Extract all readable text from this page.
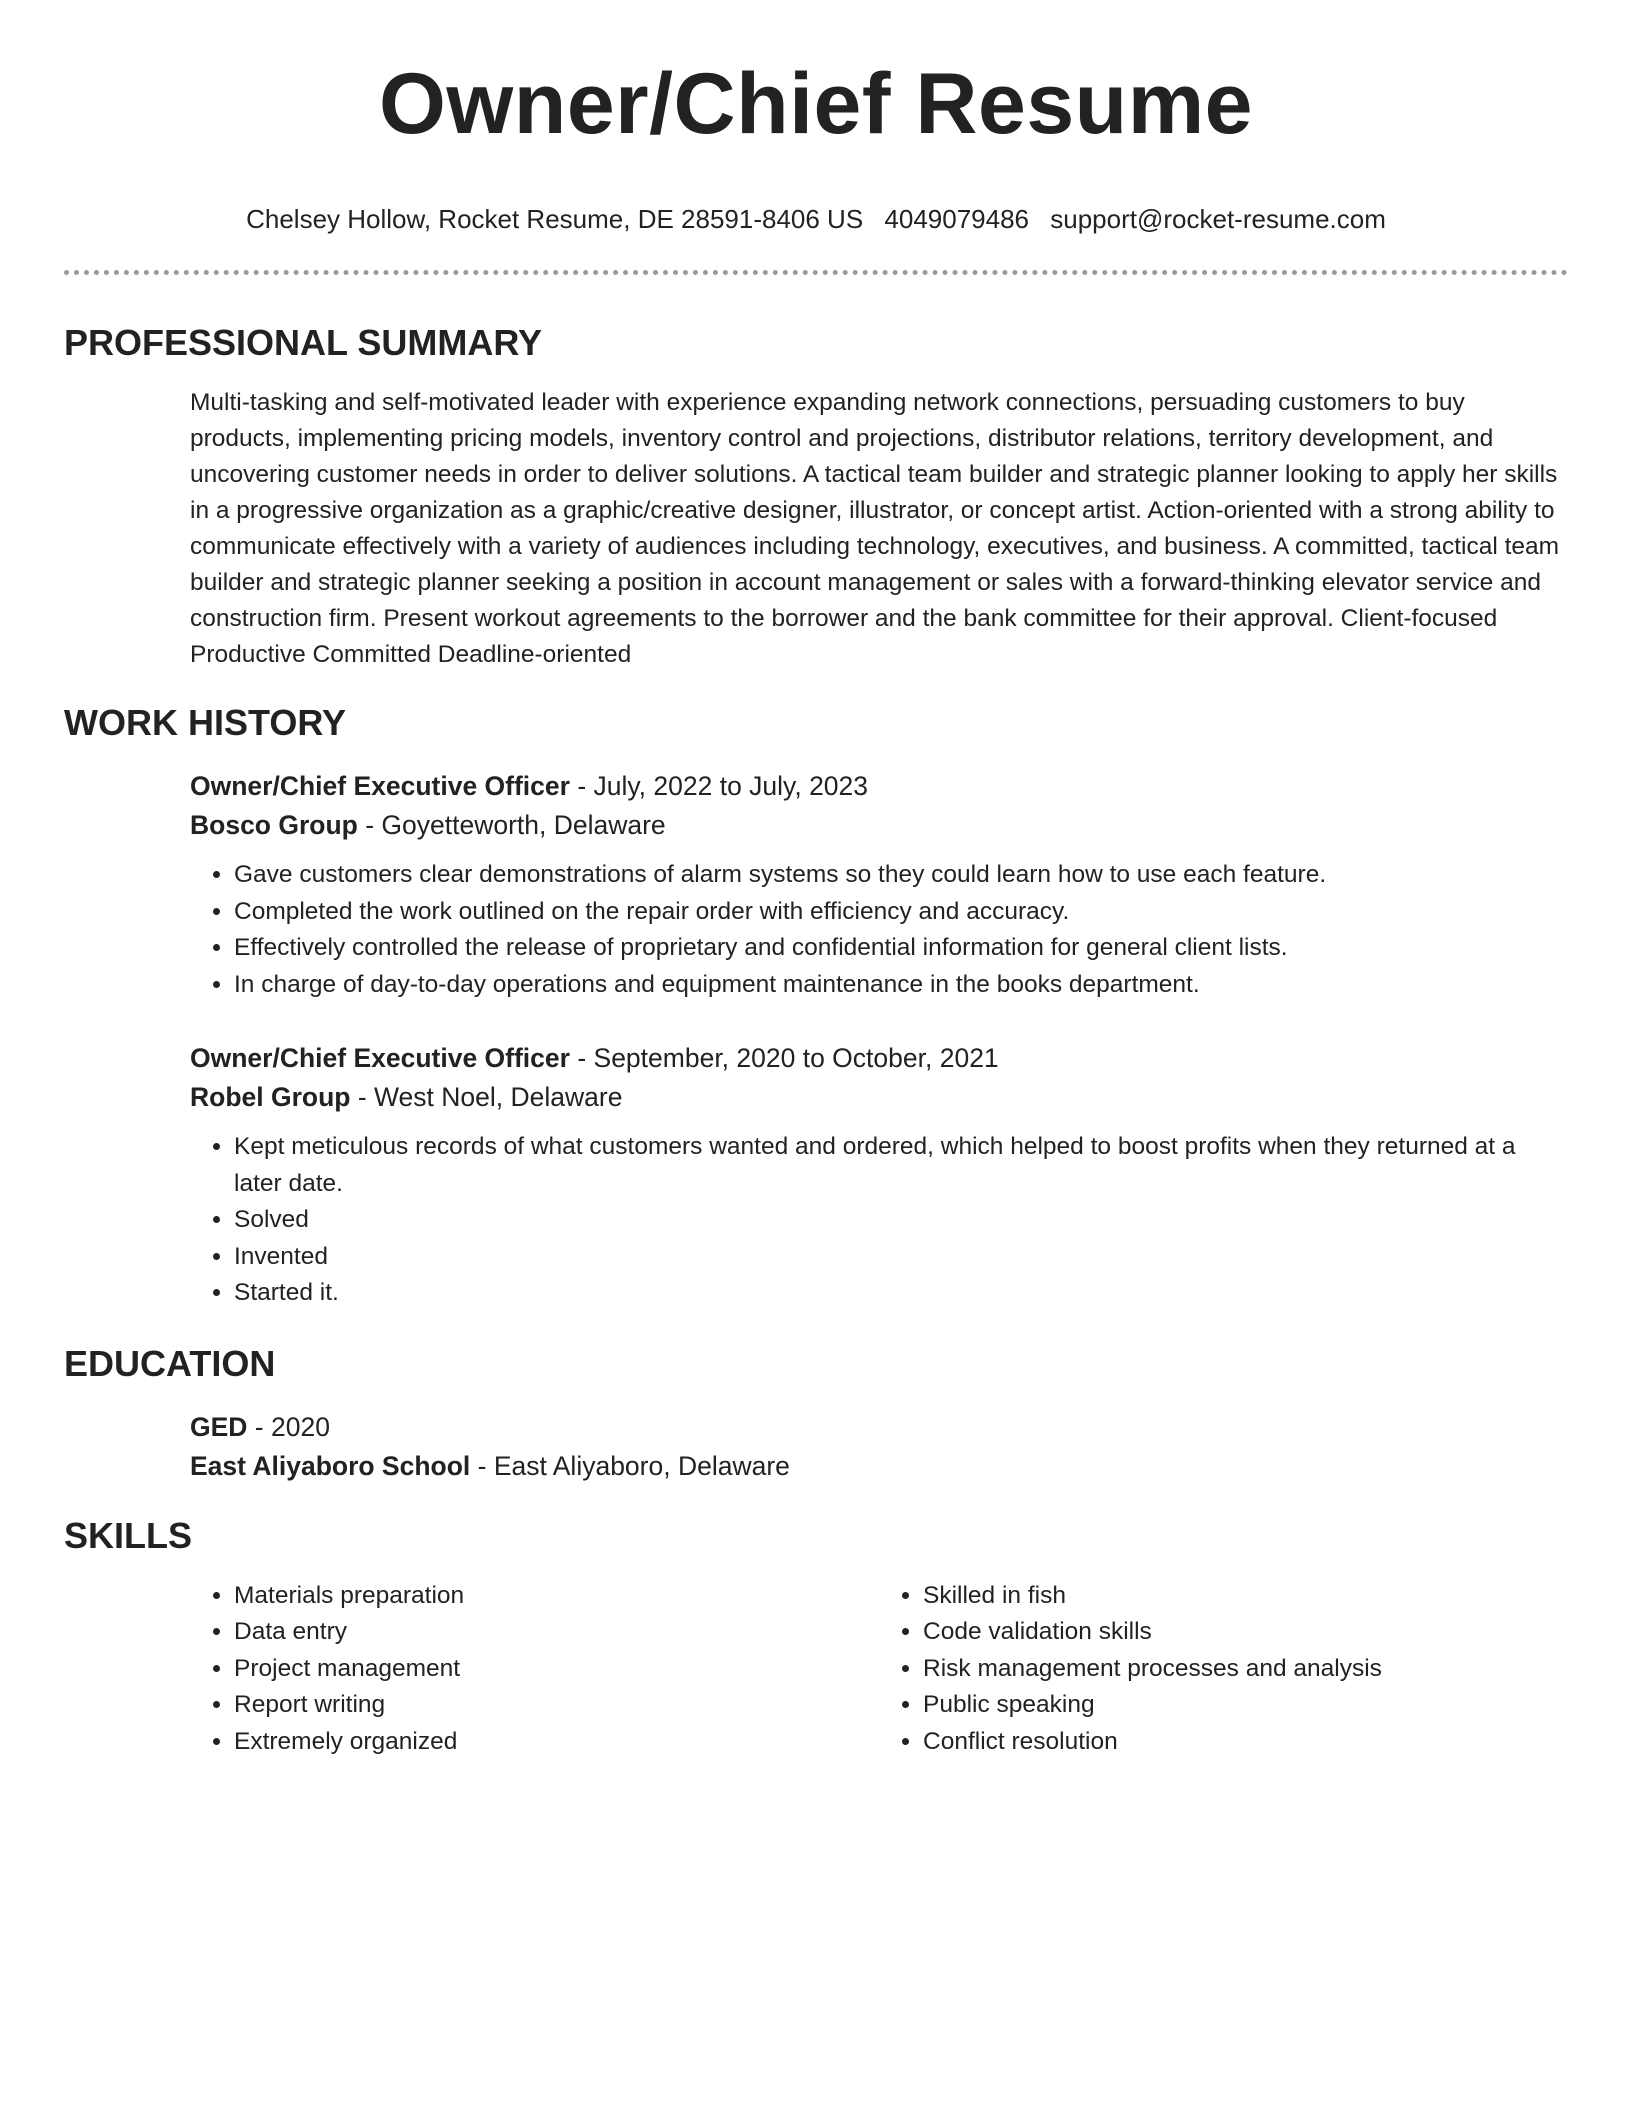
Owner/Chief Resume
Chelsey Hollow, Rocket Resume, DE 28591-8406 US 4049079486 support@rocket-resume.com
PROFESSIONAL SUMMARY
Multi-tasking and self-motivated leader with experience expanding network connections, persuading customers to buy products, implementing pricing models, inventory control and projections, distributor relations, territory development, and uncovering customer needs in order to deliver solutions. A tactical team builder and strategic planner looking to apply her skills in a progressive organization as a graphic/creative designer, illustrator, or concept artist. Action-oriented with a strong ability to communicate effectively with a variety of audiences including technology, executives, and business. A committed, tactical team builder and strategic planner seeking a position in account management or sales with a forward-thinking elevator service and construction firm. Present workout agreements to the borrower and the bank committee for their approval. Client-focused Productive Committed Deadline-oriented
WORK HISTORY
Owner/Chief Executive Officer - July, 2022 to July, 2023
Bosco Group - Goyetteworth, Delaware
• Gave customers clear demonstrations of alarm systems so they could learn how to use each feature.
• Completed the work outlined on the repair order with efficiency and accuracy.
• Effectively controlled the release of proprietary and confidential information for general client lists.
• In charge of day-to-day operations and equipment maintenance in the books department.
Owner/Chief Executive Officer - September, 2020 to October, 2021
Robel Group - West Noel, Delaware
• Kept meticulous records of what customers wanted and ordered, which helped to boost profits when they returned at a later date.
• Solved
• Invented
• Started it.
EDUCATION
GED - 2020
East Aliyaboro School - East Aliyaboro, Delaware
SKILLS
• Materials preparation
• Data entry
• Project management
• Report writing
• Extremely organized
• Skilled in fish
• Code validation skills
• Risk management processes and analysis
• Public speaking
• Conflict resolution
